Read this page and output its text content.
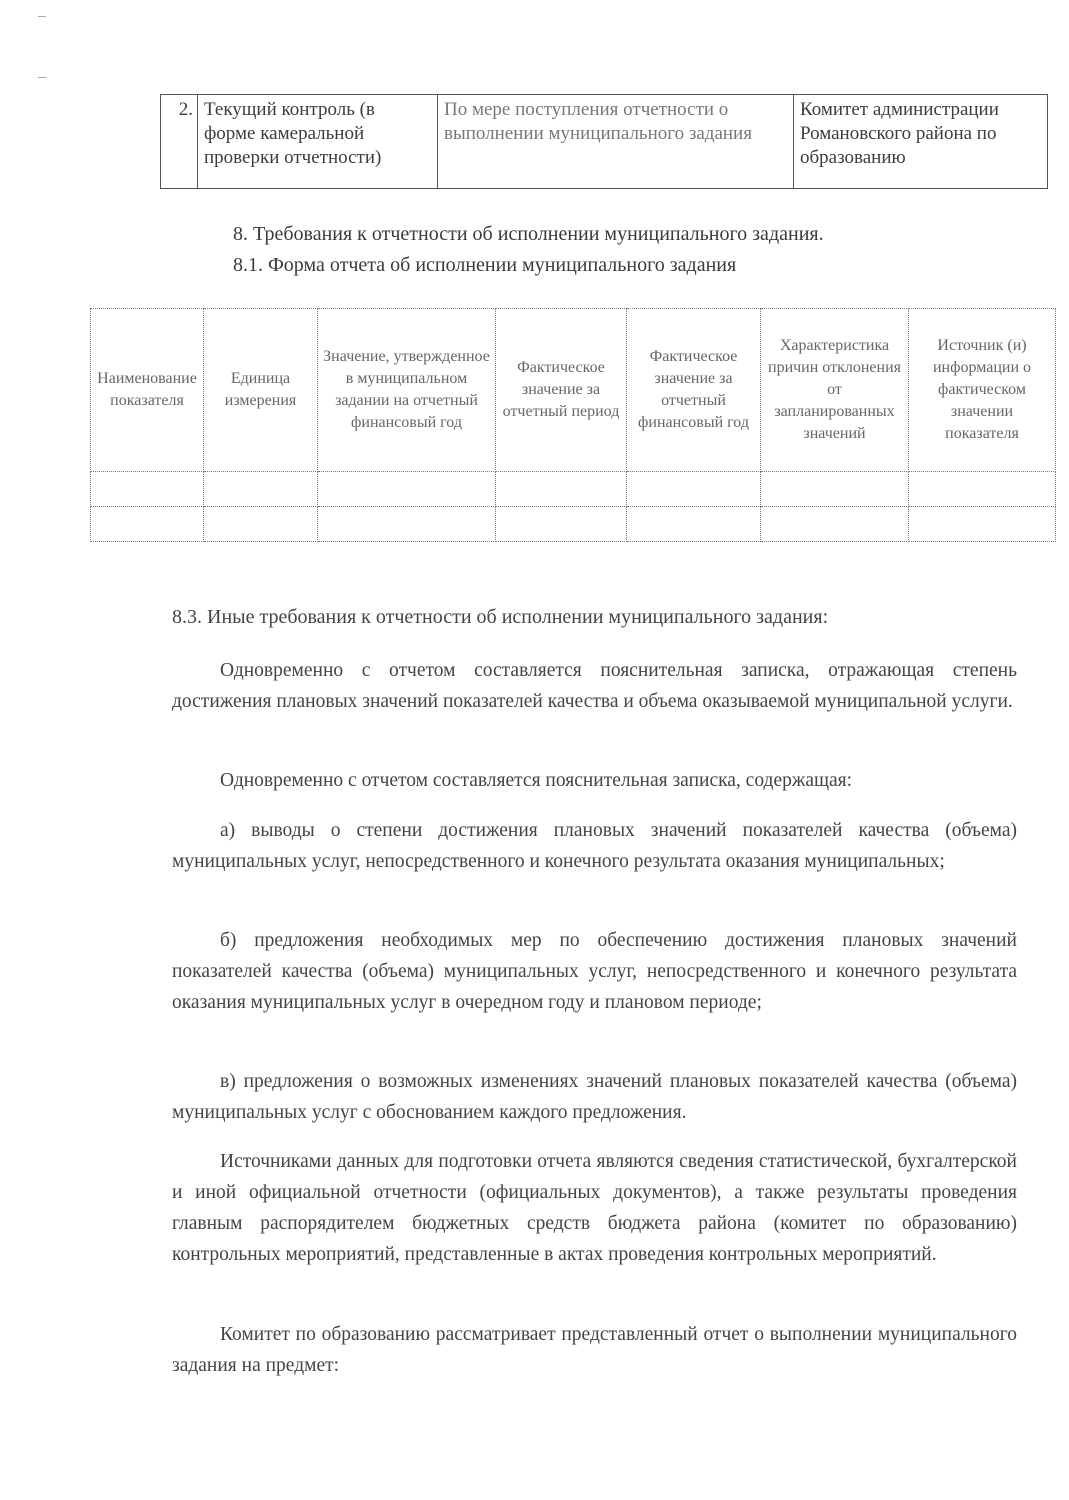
2.	Текущий контроль (в форме камеральной проверки отчетности)	По мере поступления отчетности о выполнении муниципального задания	Комитет администрации Романовского района по образованию
8. Требования к отчетности об исполнении муниципального задания.
8.1. Форма отчета об исполнении муниципального задания
Наименование показателя	Единица измерения	Значение, утвержденное в муниципальном задании на отчетный финансовый год	Фактическое значение за отчетный период	Фактическое значение за отчетный финансовый год	Характеристика причин отклонения от запланированных значений	Источник (и) информации о фактическом значении показателя

8.3. Иные требования к отчетности об исполнении муниципального задания:
Одновременно с отчетом составляется пояснительная записка, отражающая степень достижения плановых значений показателей качества и объема оказываемой муниципальной услуги.
Одновременно с отчетом составляется пояснительная записка, содержащая:
а) выводы о степени достижения плановых значений показателей качества (объема) муниципальных услуг, непосредственного и конечного результата оказания муниципальных;
б) предложения необходимых мер по обеспечению достижения плановых значений показателей качества (объема) муниципальных услуг, непосредственного и конечного результата оказания муниципальных услуг в очередном году и плановом периоде;
в) предложения о возможных изменениях значений плановых показателей качества (объема) муниципальных услуг с обоснованием каждого предложения.
Источниками данных для подготовки отчета являются сведения статистической, бухгалтерской и иной официальной отчетности (официальных документов), а также результаты проведения главным распорядителем бюджетных средств бюджета района (комитет по образованию) контрольных мероприятий, представленные в актах проведения контрольных мероприятий.
Комитет по образованию рассматривает представленный отчет о выполнении муниципального задания на предмет:
